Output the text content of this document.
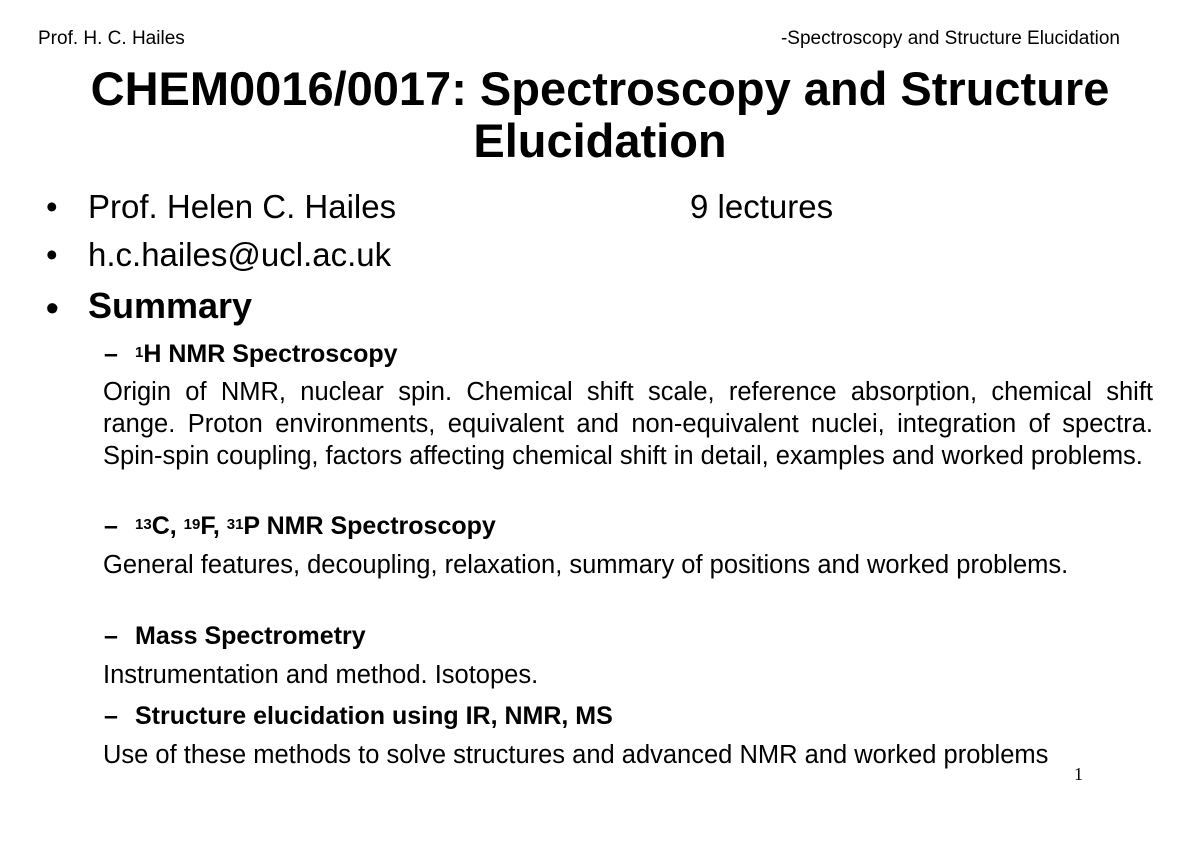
Prof. H. C. Hailes	-Spectroscopy and Structure Elucidation
CHEM0016/0017: Spectroscopy and Structure Elucidation
• Prof. Helen C. Hailes	9 lectures
• h.c.hailes@ucl.ac.uk
• Summary
– $^1$H NMR Spectroscopy
Origin of NMR, nuclear spin. Chemical shift scale, reference absorption, chemical shift range. Proton environments, equivalent and non-equivalent nuclei, integration of spectra. Spin-spin coupling, factors affecting chemical shift in detail, examples and worked problems.
– $^{13}$C, $^{19}$F, $^{31}$P NMR Spectroscopy
General features, decoupling, relaxation, summary of positions and worked problems.
– Mass Spectrometry
Instrumentation and method. Isotopes.
– Structure elucidation using IR, NMR, MS
Use of these methods to solve structures and advanced NMR and worked problems
1
